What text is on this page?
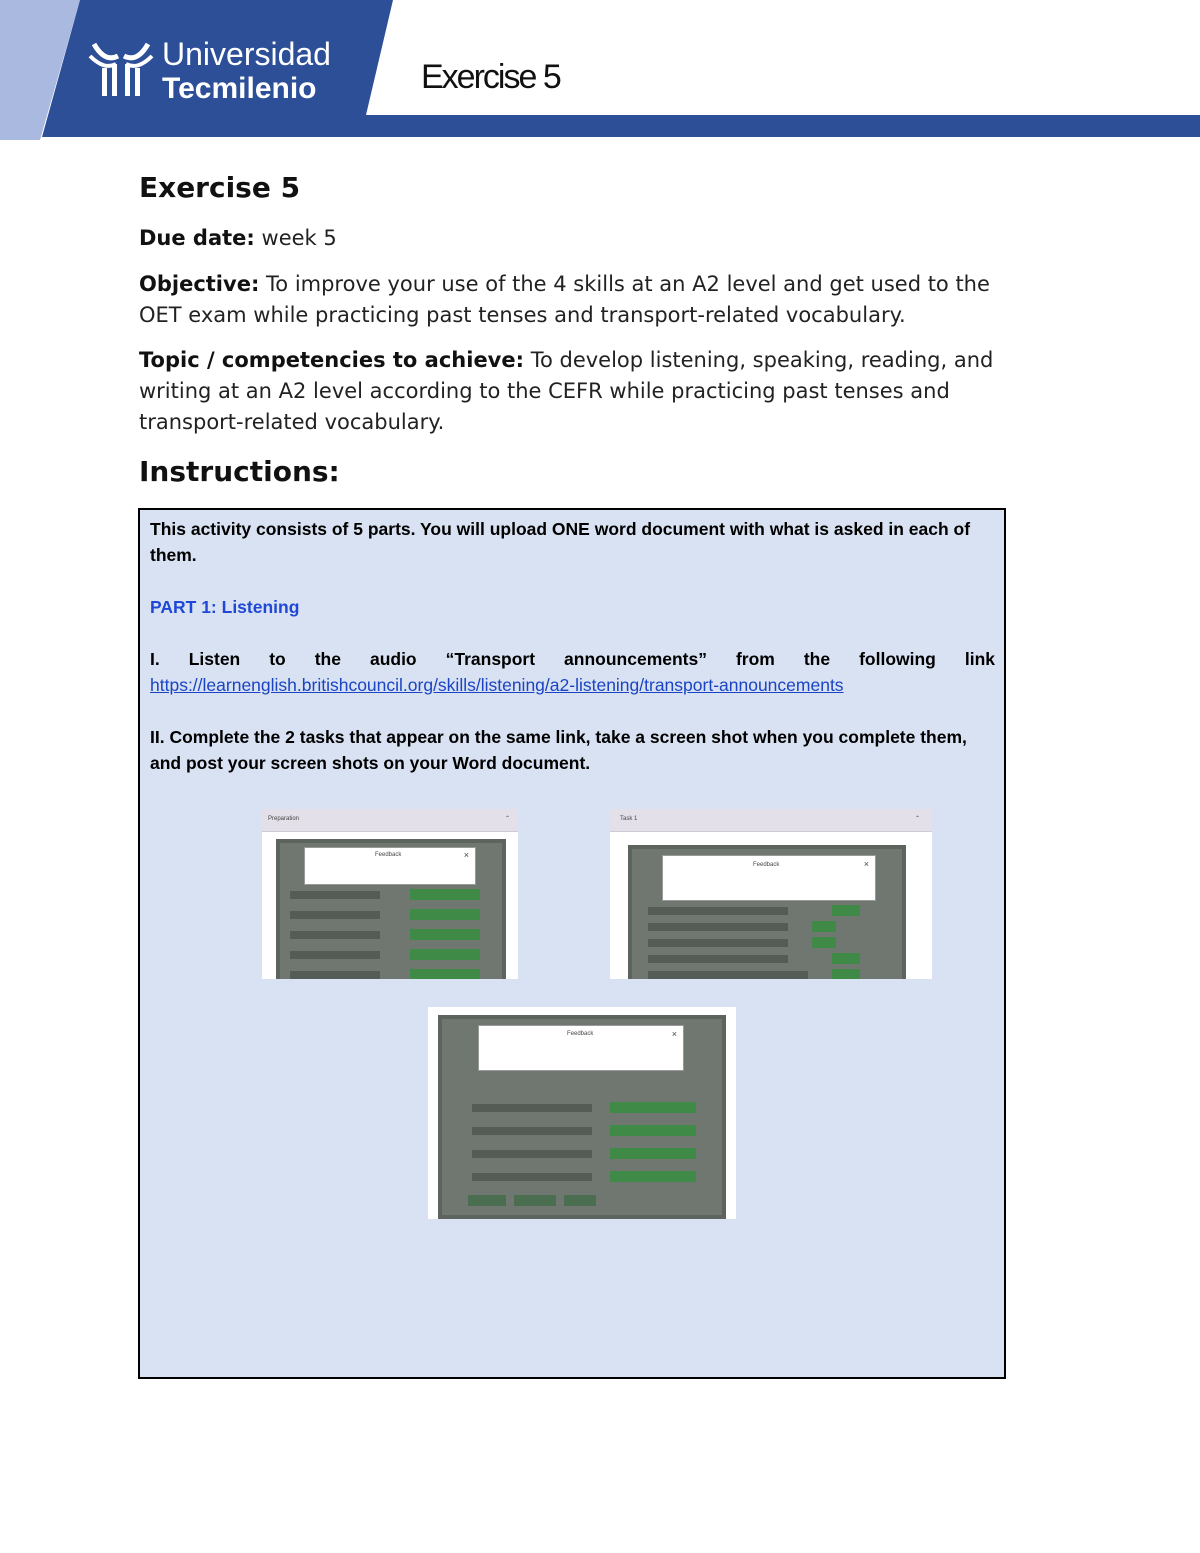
Universidad
Tecmilenio	Exercise 5
Exercise 5
Due date: week 5
Objective: To improve your use of the 4 skills at an A2 level and get used to the OET exam while practicing past tenses and transport-related vocabulary.
Topic / competencies to achieve: To develop listening, speaking, reading, and writing at an A2 level according to the CEFR while practicing past tenses and transport-related vocabulary.
Instructions:
This activity consists of 5 parts. You will upload ONE word document with what is asked in each of them.
PART 1: Listening
I. Listen to the audio “Transport announcements” from the following link
https://learnenglish.britishcouncil.org/skills/listening/a2-listening/transport-announcements
II. Complete the 2 tasks that appear on the same link, take a screen shot when you complete them, and post your screen shots on your Word document.
Preparation	⌃
Feedback	×
Task 1	⌃
Feedback	×
Feedback	×
